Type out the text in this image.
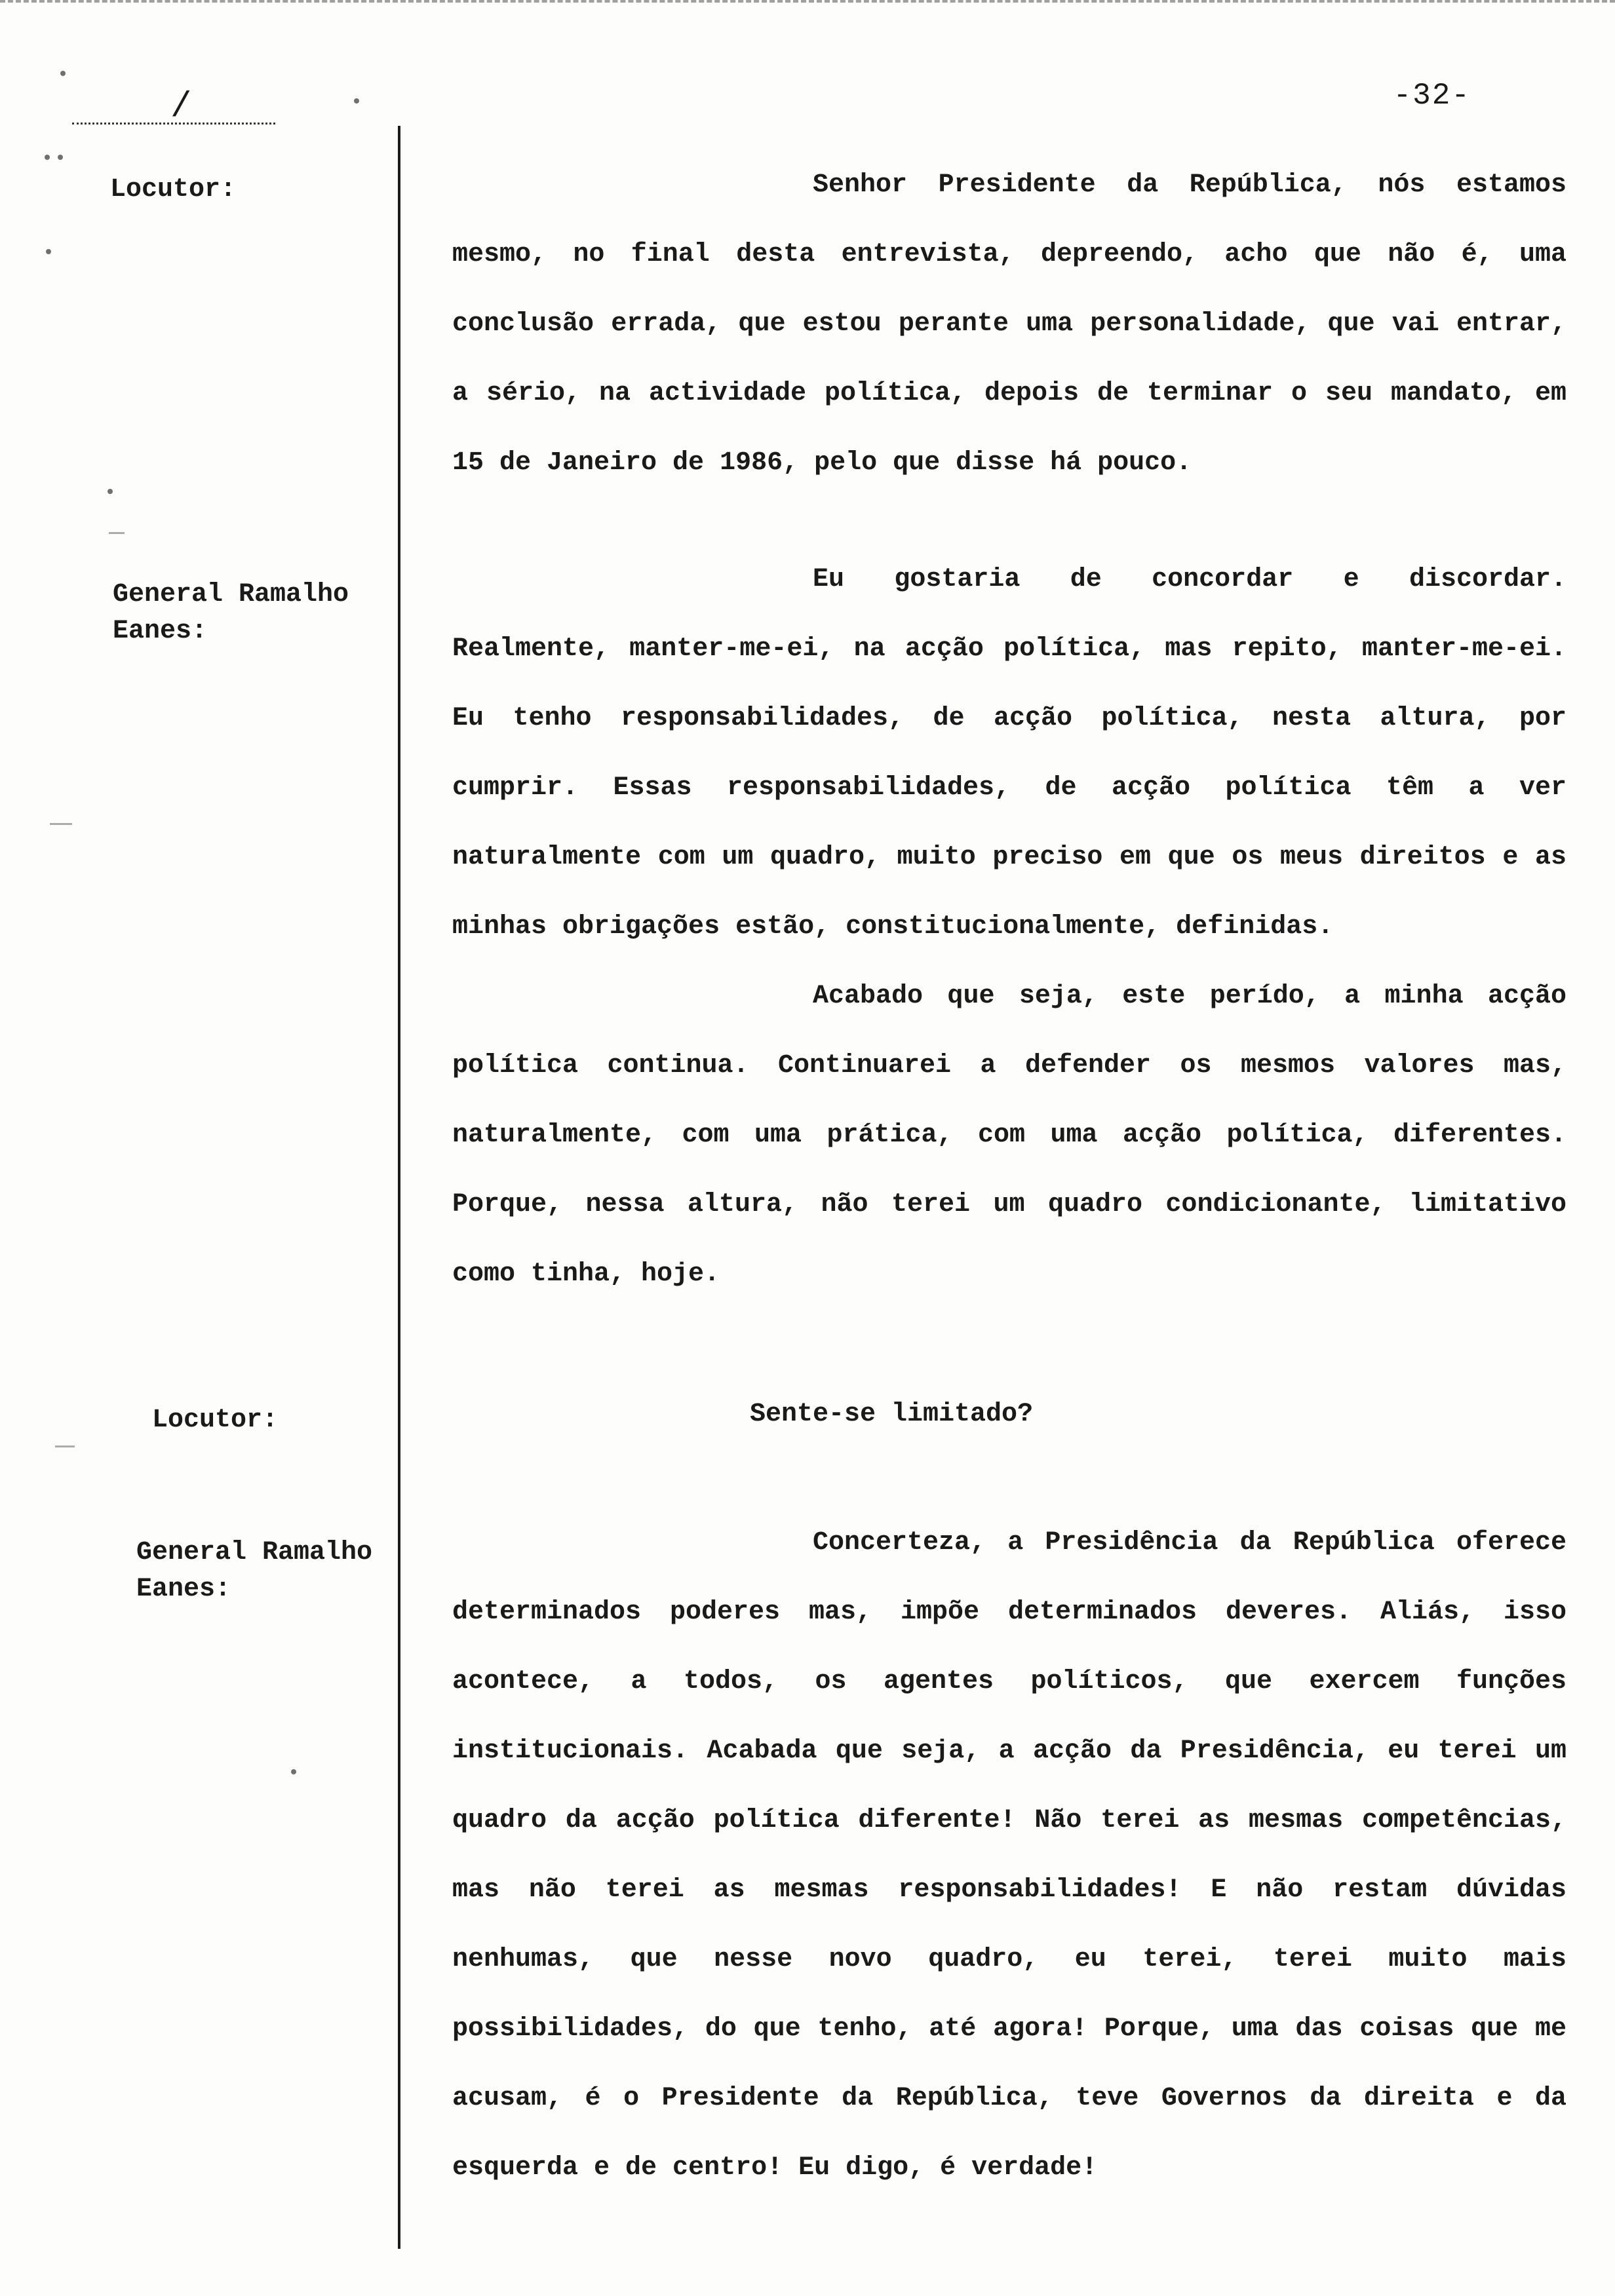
/	-32-
Locutor:	Senhor Presidente da República, nós estamos mesmo, no final desta entrevista, depreendo, acho que não é, uma conclusão errada, que estou perante uma personalidade, que vai entrar, a sério, na actividade política, depois de terminar o seu mandato, em 15 de Janeiro de 1986, pelo que disse há pouco.

General Ramalho
Eanes:

Eu gostaria de concordar e discordar. Realmente, manter-me-ei, na acção política, mas repito, manter-me-ei. Eu tenho responsabilidades, de acção política, nesta altura, por cumprir. Essas responsabilidades, de acção política têm a ver naturalmente com um quadro, muito preciso em que os meus direitos e as minhas obrigações estão, constitucionalmente, definidas.

Acabado que seja, este perído, a minha acção política continua. Continuarei a defender os mesmos valores mas, naturalmente, com uma prática, com uma acção política, diferentes. Porque, nessa altura, não terei um quadro condicionante, limitativo como tinha, hoje.

Locutor:	Sente-se limitado?
General Ramalho
Eanes:

Concerteza, a Presidência da República oferece determinados poderes mas, impõe determinados deveres. Aliás, isso acontece, a todos, os agentes políticos, que exercem funções institucionais. Acabada que seja, a acção da Presidência, eu terei um quadro da acção política diferente! Não terei as mesmas competências, mas não terei as mesmas responsabilidades! E não restam dúvidas nenhumas, que nesse novo quadro, eu terei, terei muito mais possibilidades, do que tenho, até agora! Porque, uma das coisas que me acusam, é o Presidente da República, teve Governos da direita e da esquerda e de centro! Eu digo, é verdade!
